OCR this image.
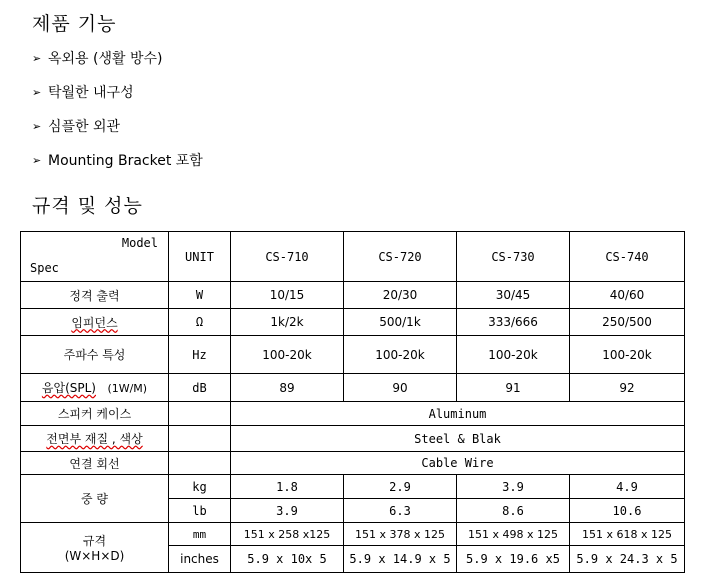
제품 기능
➢ 옥외용 (생활 방수)
➢ 탁월한 내구성
➢ 심플한 외관
➢ Mounting Bracket 포함
규격 및 성능
Model
Spec	UNIT	CS-710	CS-720	CS-730	CS-740
정격 출력	W	10/15	20/30	30/45	40/60
임피던스	Ω	1k/2k	500/1k	333/666	250/500
주파수 특성	Hz	100-20k	100-20k	100-20k	100-20k
음압(SPL) (1W/M)	dB	89	90	91	92
스피커 케이스		Aluminum			
전면부 재질 , 색상		Steel & Blak			
연결 회선		Cable Wire			
중 량	kg	1.8	2.9	3.9	4.9
	lb	3.9	6.3	8.6	10.6

규격
(W×H×D)	mm	151 x 258 x125	151 x 378 x 125	151 x 498 x 125	151 x 618 x 125
	inches	5.9 x 10x 5	5.9 x 14.9 x 5	5.9 x 19.6 x5	5.9 x 24.3 x 5
